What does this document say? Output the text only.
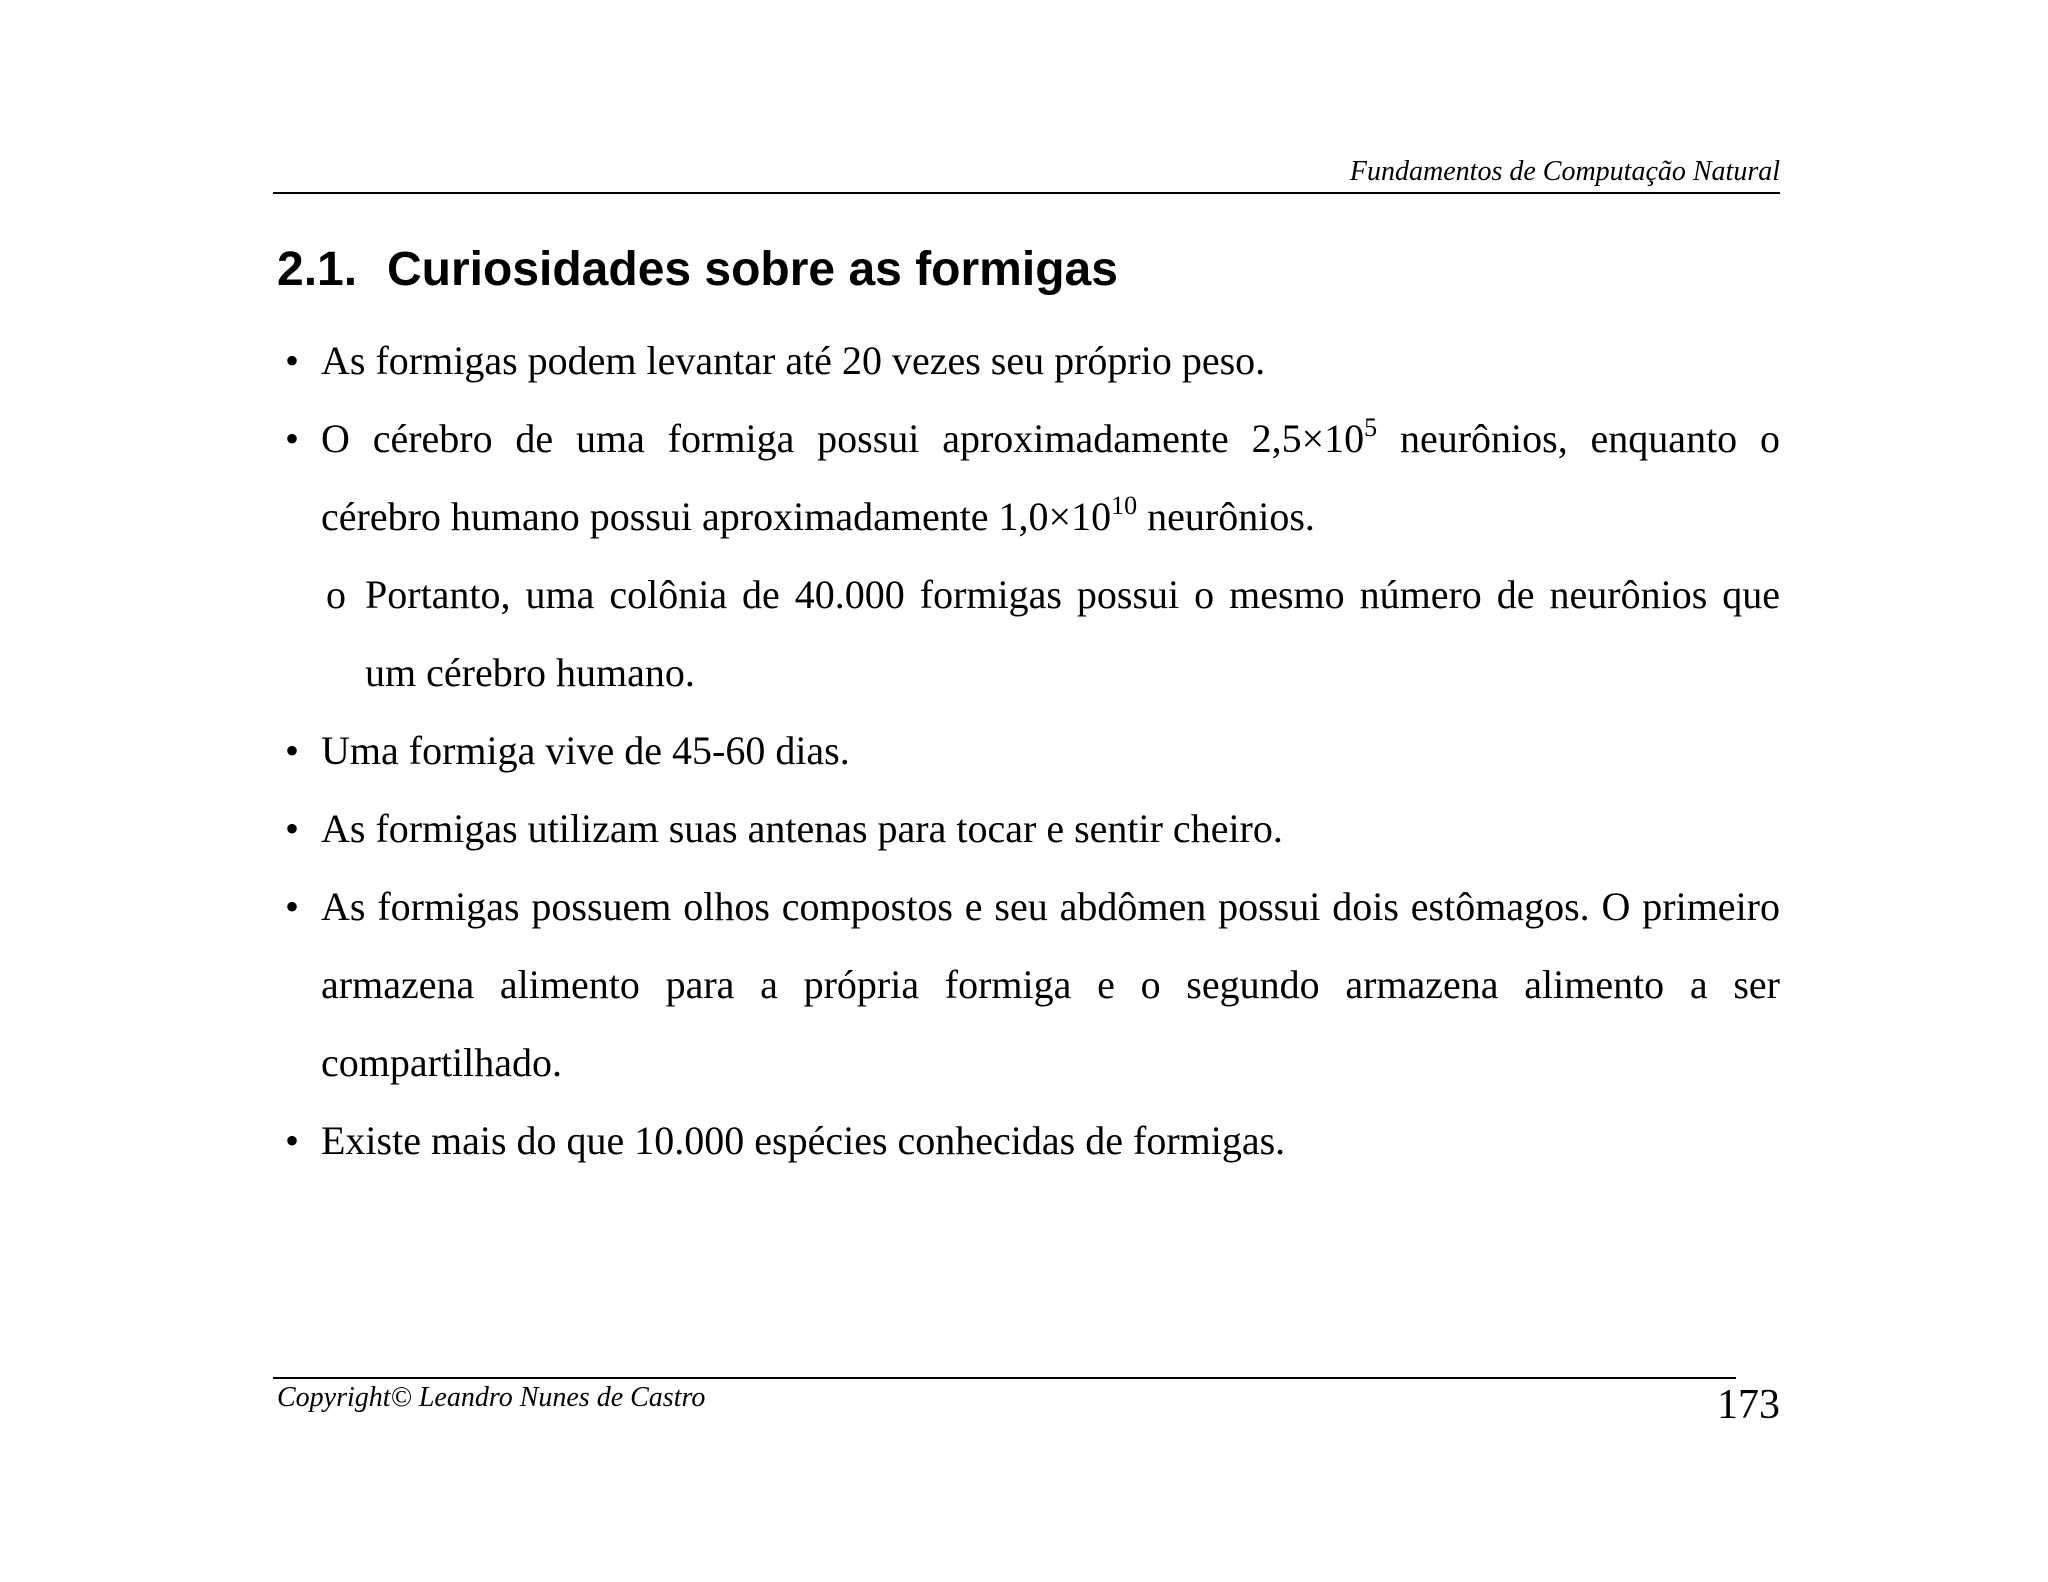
Fundamentos de Computação Natural
2.1. Curiosidades sobre as formigas
• As formigas podem levantar até 20 vezes seu próprio peso.
• O cérebro de uma formiga possui aproximadamente $2,5\times 10^5$ neurônios, enquanto o cérebro humano possui aproximadamente $1,0\times 10^{10}$ neurônios.
o Portanto, uma colônia de 40.000 formigas possui o mesmo número de neurônios que um cérebro humano.
• Uma formiga vive de 45-60 dias.
• As formigas utilizam suas antenas para tocar e sentir cheiro.
• As formigas possuem olhos compostos e seu abdômen possui dois estômagos. O primeiro armazena alimento para a própria formiga e o segundo armazena alimento a ser compartilhado.
• Existe mais do que 10.000 espécies conhecidas de formigas.
Copyright© Leandro Nunes de Castro	173
